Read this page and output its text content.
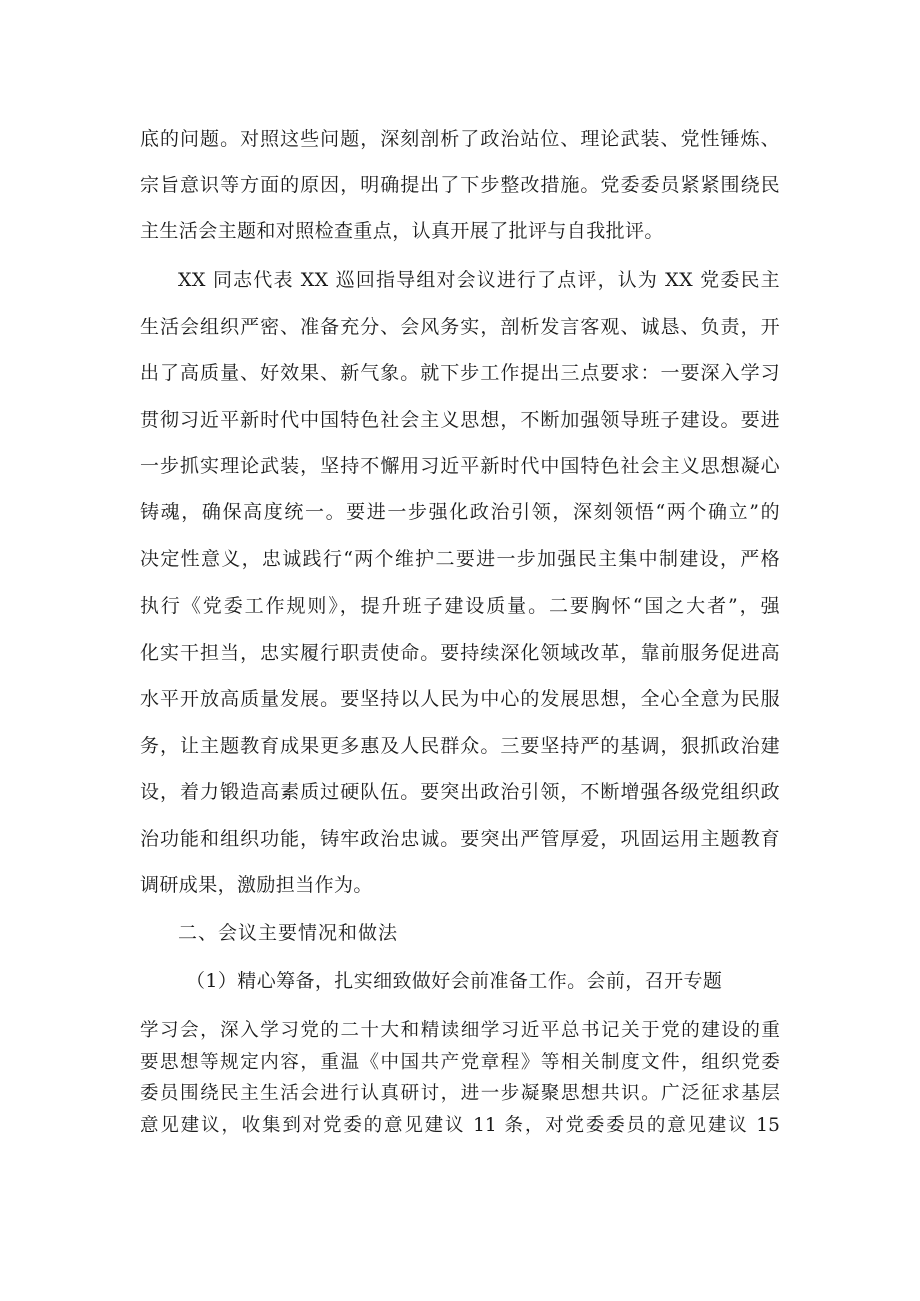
底的问题。对照这些问题，深刻剖析了政治站位、理论武装、党性锤炼、
宗旨意识等方面的原因，明确提出了下步整改措施。党委委员紧紧围绕民
主生活会主题和对照检查重点，认真开展了批评与自我批评。
XX 同志代表 XX 巡回指导组对会议进行了点评，认为 XX 党委民主
生活会组织严密、准备充分、会风务实，剖析发言客观、诚恳、负责，开
出了高质量、好效果、新气象。就下步工作提出三点要求：一要深入学习
贯彻习近平新时代中国特色社会主义思想，不断加强领导班子建设。要进
一步抓实理论武装，坚持不懈用习近平新时代中国特色社会主义思想凝心
铸魂，确保高度统一。要进一步强化政治引领，深刻领悟“两个确立”的
决定性意义，忠诚践行“两个维护二要进一步加强民主集中制建设，严格
执行《党委工作规则》，提升班子建设质量。二要胸怀“国之大者”，强
化实干担当，忠实履行职责使命。要持续深化领域改革，靠前服务促进高
水平开放高质量发展。要坚持以人民为中心的发展思想，全心全意为民服
务，让主题教育成果更多惠及人民群众。三要坚持严的基调，狠抓政治建
设，着力锻造高素质过硬队伍。要突出政治引领，不断增强各级党组织政
治功能和组织功能，铸牢政治忠诚。要突出严管厚爱，巩固运用主题教育
调研成果，激励担当作为。
二、会议主要情况和做法
（1）精心筹备，扎实细致做好会前准备工作。会前，召开专题
学习会，深入学习党的二十大和精读细学习近平总书记关于党的建设的重
要思想等规定内容，重温《中国共产党章程》等相关制度文件，组织党委
委员围绕民主生活会进行认真研讨，进一步凝聚思想共识。广泛征求基层
意见建议，收集到对党委的意见建议 11 条，对党委委员的意见建议 15
